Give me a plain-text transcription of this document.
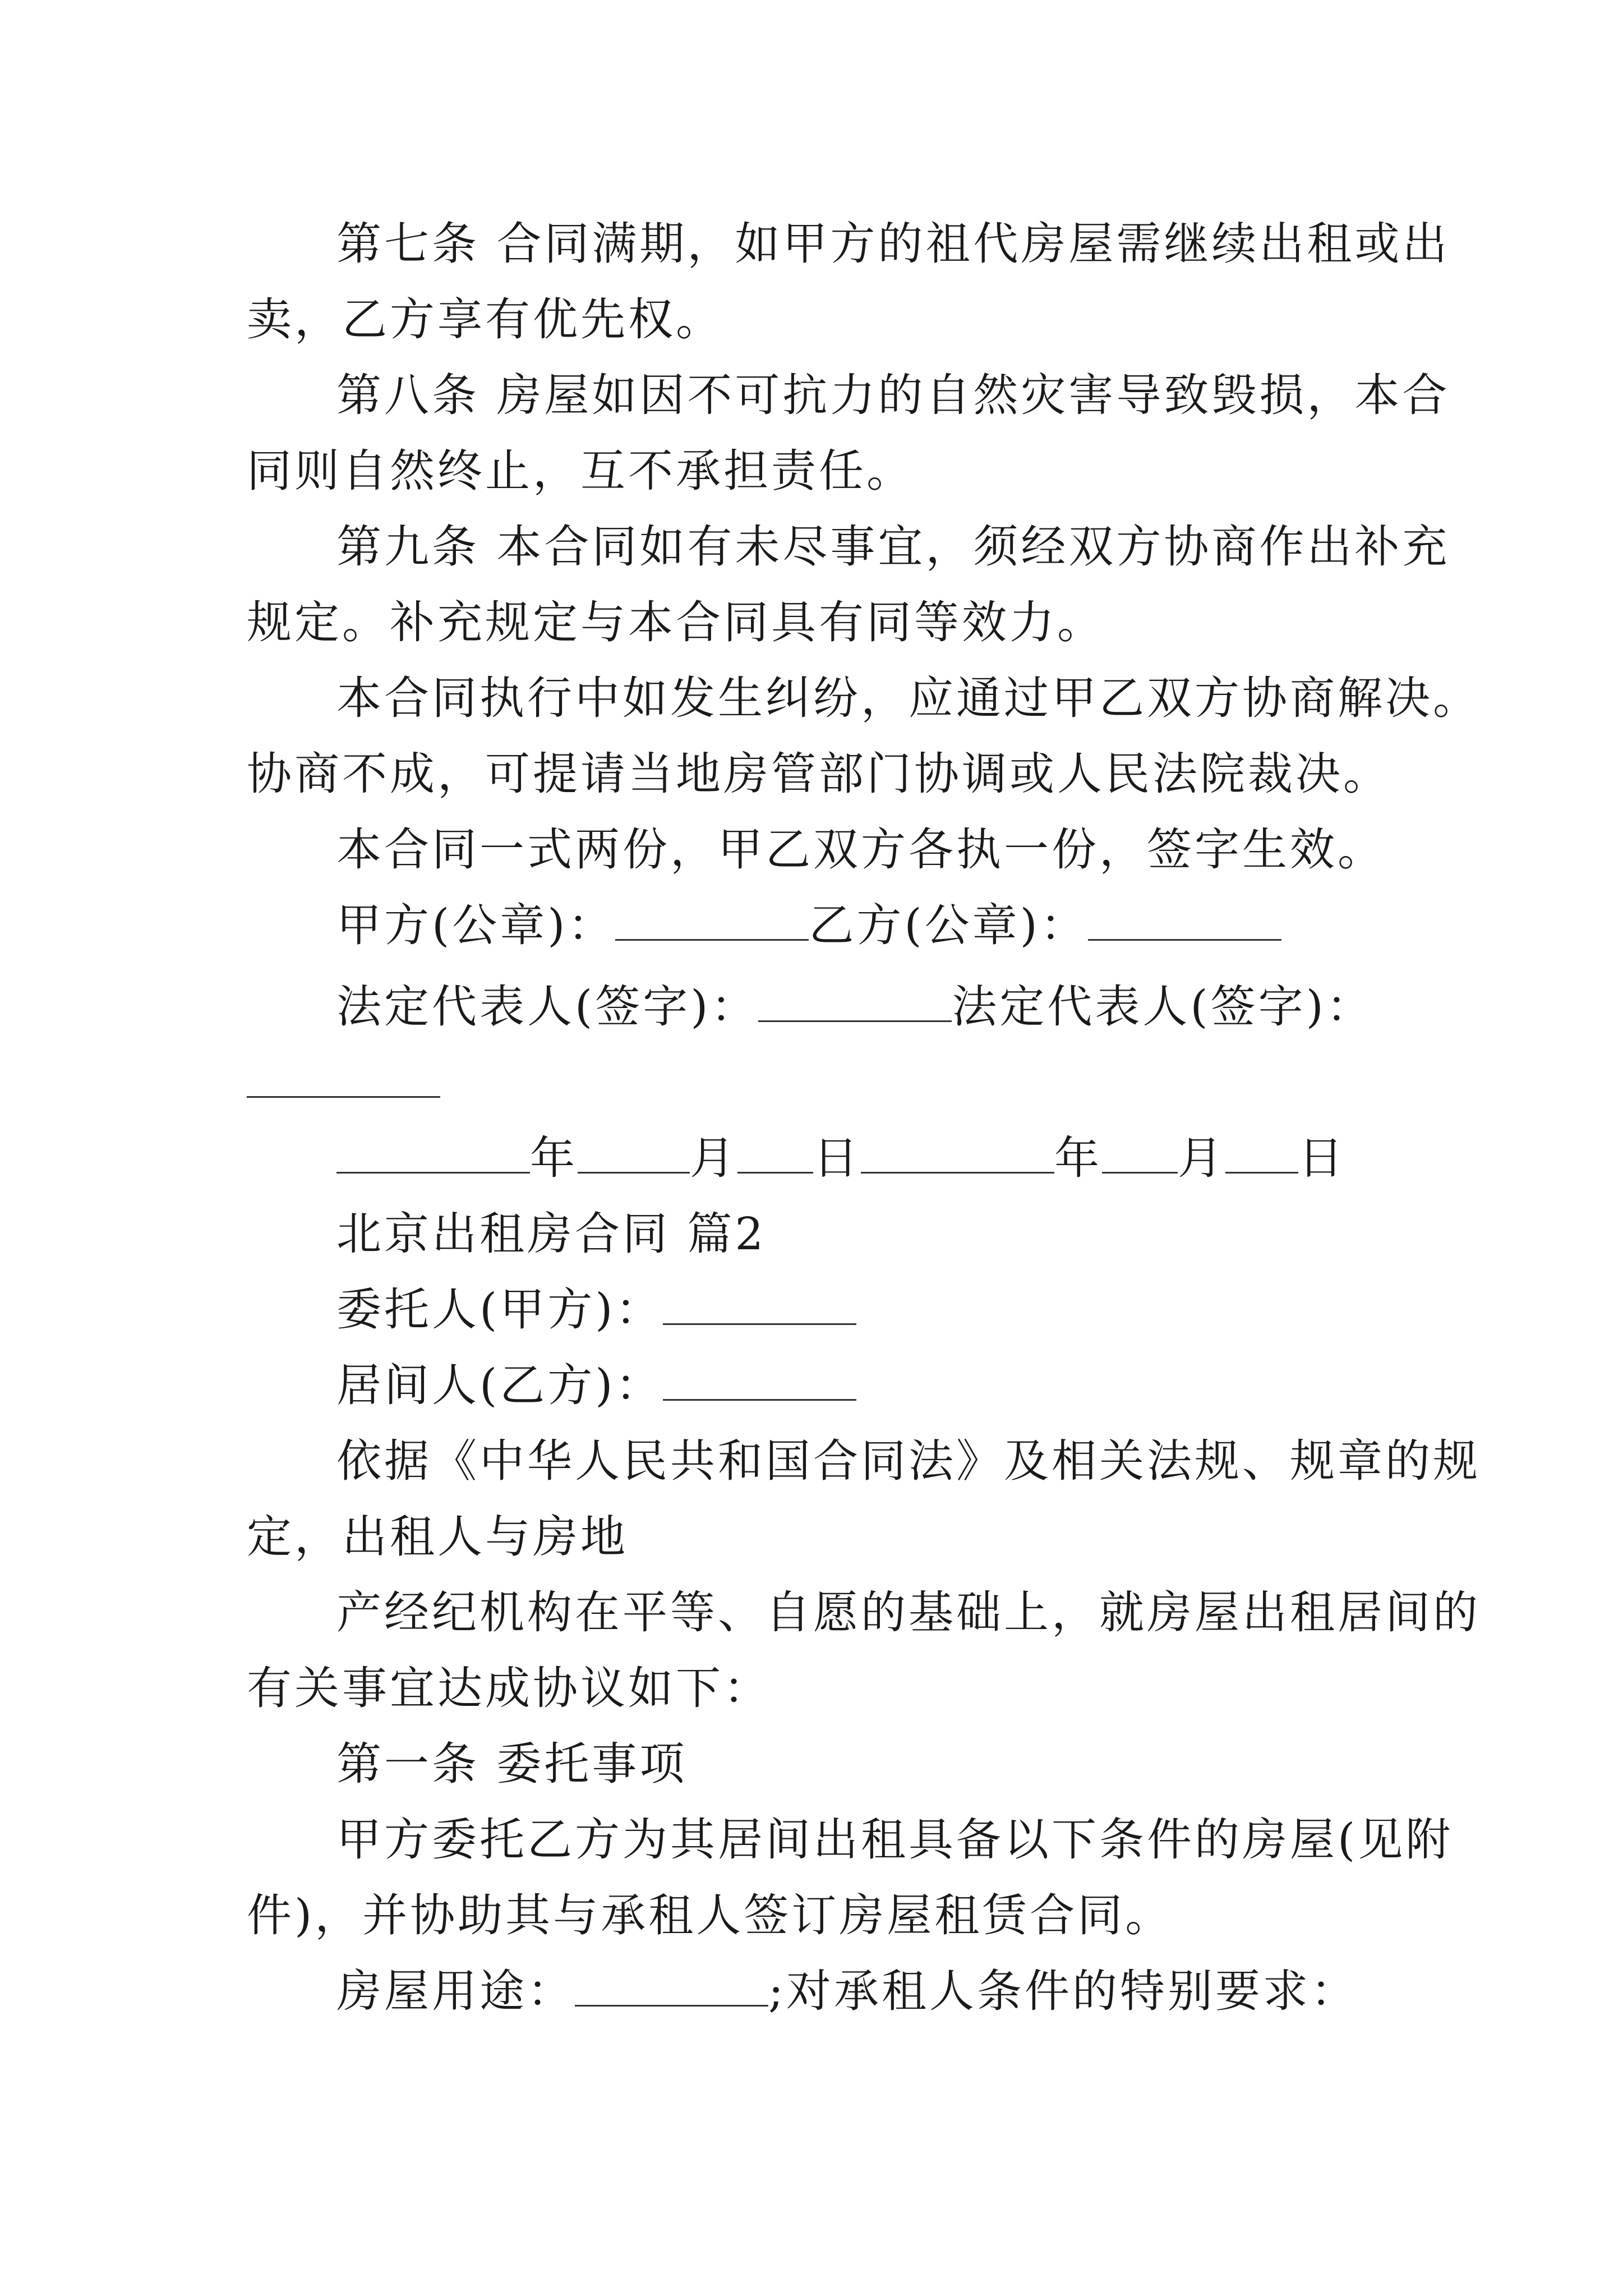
第七条 合同满期，如甲方的祖代房屋需继续出租或出
卖，乙方享有优先权。
第八条 房屋如因不可抗力的自然灾害导致毁损，本合
同则自然终止，互不承担责任。
第九条 本合同如有未尽事宜，须经双方协商作出补充
规定。补充规定与本合同具有同等效力。
本合同执行中如发生纠纷，应通过甲乙双方协商解决。
协商不成，可提请当地房管部门协调或人民法院裁决。
本合同一式两份，甲乙双方各执一份，签字生效。
甲方(公章)：	乙方(公章)：
法定代表人(签字)：	法定代表人(签字)：
年	月 日	年 月 日
北京出租房合同 篇2
委托人(甲方)：
居间人(乙方)：
依据《中华人民共和国合同法》及相关法规、规章的规
定，出租人与房地
产经纪机构在平等、自愿的基础上，就房屋出租居间的
有关事宜达成协议如下：
第一条 委托事项
甲方委托乙方为其居间出租具备以下条件的房屋(见附
件)，并协助其与承租人签订房屋租赁合同。
房屋用途：	;对承租人条件的特别要求：
